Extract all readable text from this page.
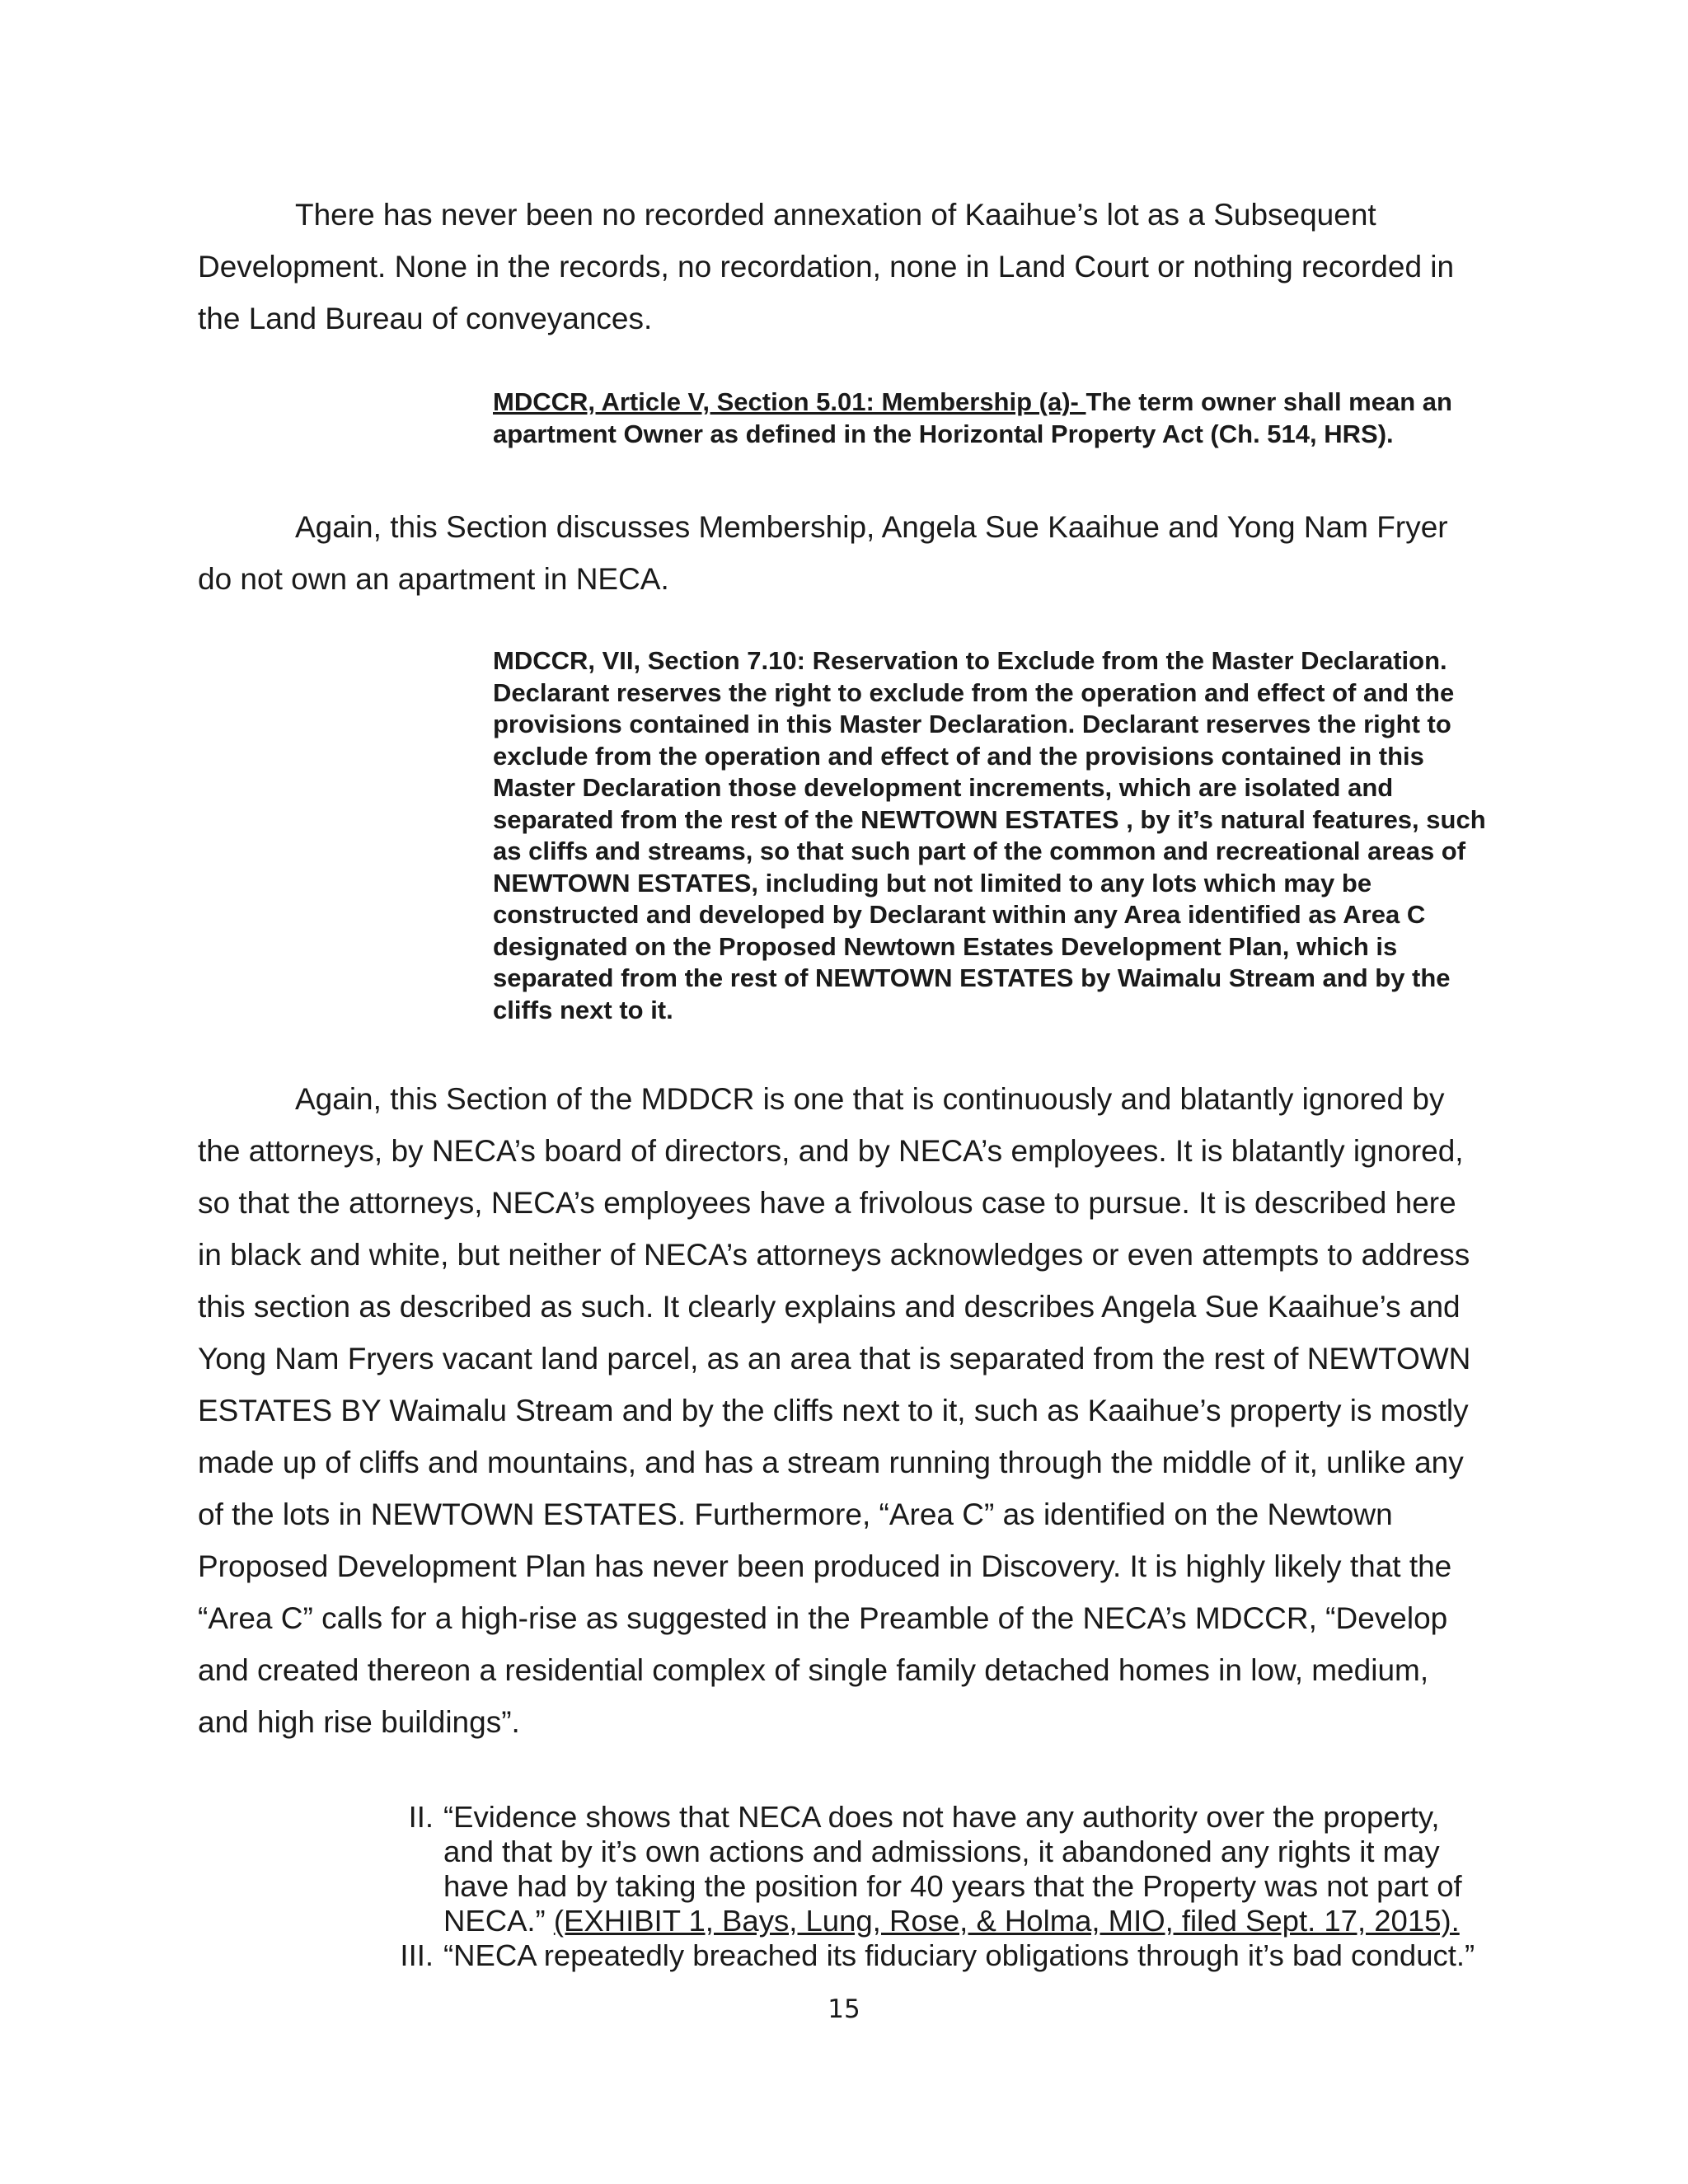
There has never been no recorded annexation of Kaaihue’s lot as a Subsequent Development. None in the records, no recordation, none in Land Court or nothing recorded in the Land Bureau of conveyances.

MDCCR, Article V, Section 5.01: Membership (a)- The term owner shall mean an apartment Owner as defined in the Horizontal Property Act (Ch. 514, HRS).

Again, this Section discusses Membership, Angela Sue Kaaihue and Yong Nam Fryer do not own an apartment in NECA.

MDCCR, VII, Section 7.10: Reservation to Exclude from the Master Declaration. Declarant reserves the right to exclude from the operation and effect of and the provisions contained in this Master Declaration. Declarant reserves the right to exclude from the operation and effect of and the provisions contained in this Master Declaration those development increments, which are isolated and separated from the rest of the NEWTOWN ESTATES , by it’s natural features, such as cliffs and streams, so that such part of the common and recreational areas of NEWTOWN ESTATES, including but not limited to any lots which may be constructed and developed by Declarant within any Area identified as Area C designated on the Proposed Newtown Estates Development Plan, which is separated from the rest of NEWTOWN ESTATES by Waimalu Stream and by the cliffs next to it.

Again, this Section of the MDDCR is one that is continuously and blatantly ignored by the attorneys, by NECA’s board of directors, and by NECA’s employees. It is blatantly ignored, so that the attorneys, NECA’s employees have a frivolous case to pursue. It is described here in black and white, but neither of NECA’s attorneys acknowledges or even attempts to address this section as described as such. It clearly explains and describes Angela Sue Kaaihue’s and Yong Nam Fryers vacant land parcel, as an area that is separated from the rest of NEWTOWN ESTATES BY Waimalu Stream and by the cliffs next to it, such as Kaaihue’s property is mostly made up of cliffs and mountains, and has a stream running through the middle of it, unlike any of the lots in NEWTOWN ESTATES. Furthermore, “Area C” as identified on the Newtown Proposed Development Plan has never been produced in Discovery. It is highly likely that the “Area C” calls for a high-rise as suggested in the Preamble of the NECA’s MDCCR, “Develop and created thereon a residential complex of single family detached homes in low, medium, and high rise buildings”.

II. “Evidence shows that NECA does not have any authority over the property, and that by it’s own actions and admissions, it abandoned any rights it may have had by taking the position for 40 years that the Property was not part of NECA.” (EXHIBIT 1, Bays, Lung, Rose, & Holma, MIO, filed Sept. 17, 2015).
III. “NECA repeatedly breached its fiduciary obligations through it’s bad conduct.”
15
